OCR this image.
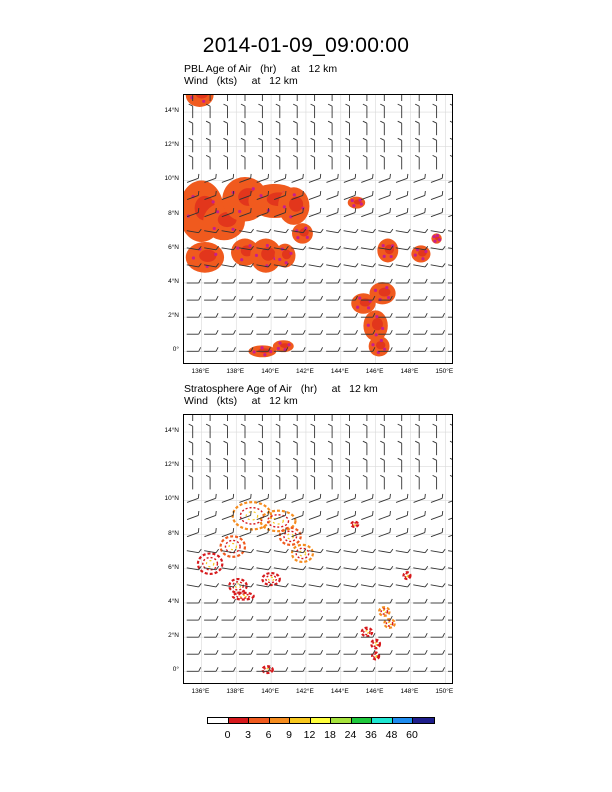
2014-01-09_09:00:00
PBL Age of Air   (hr)     at   12 km
Wind   (kts)     at   12 km
Stratosphere Age of Air   (hr)     at   12 km
Wind   (kts)     at   12 km
0°
2°N
4°N
6°N
8°N
10°N
12°N
14°N
136°E	138°E	140°E	142°E	144°E	146°E	148°E	150°E
0°
2°N
4°N
6°N
8°N
10°N
12°N
14°N
136°E	138°E	140°E	142°E	144°E	146°E	148°E	150°E
0	3	6	9	12 18 24 36 48 60
